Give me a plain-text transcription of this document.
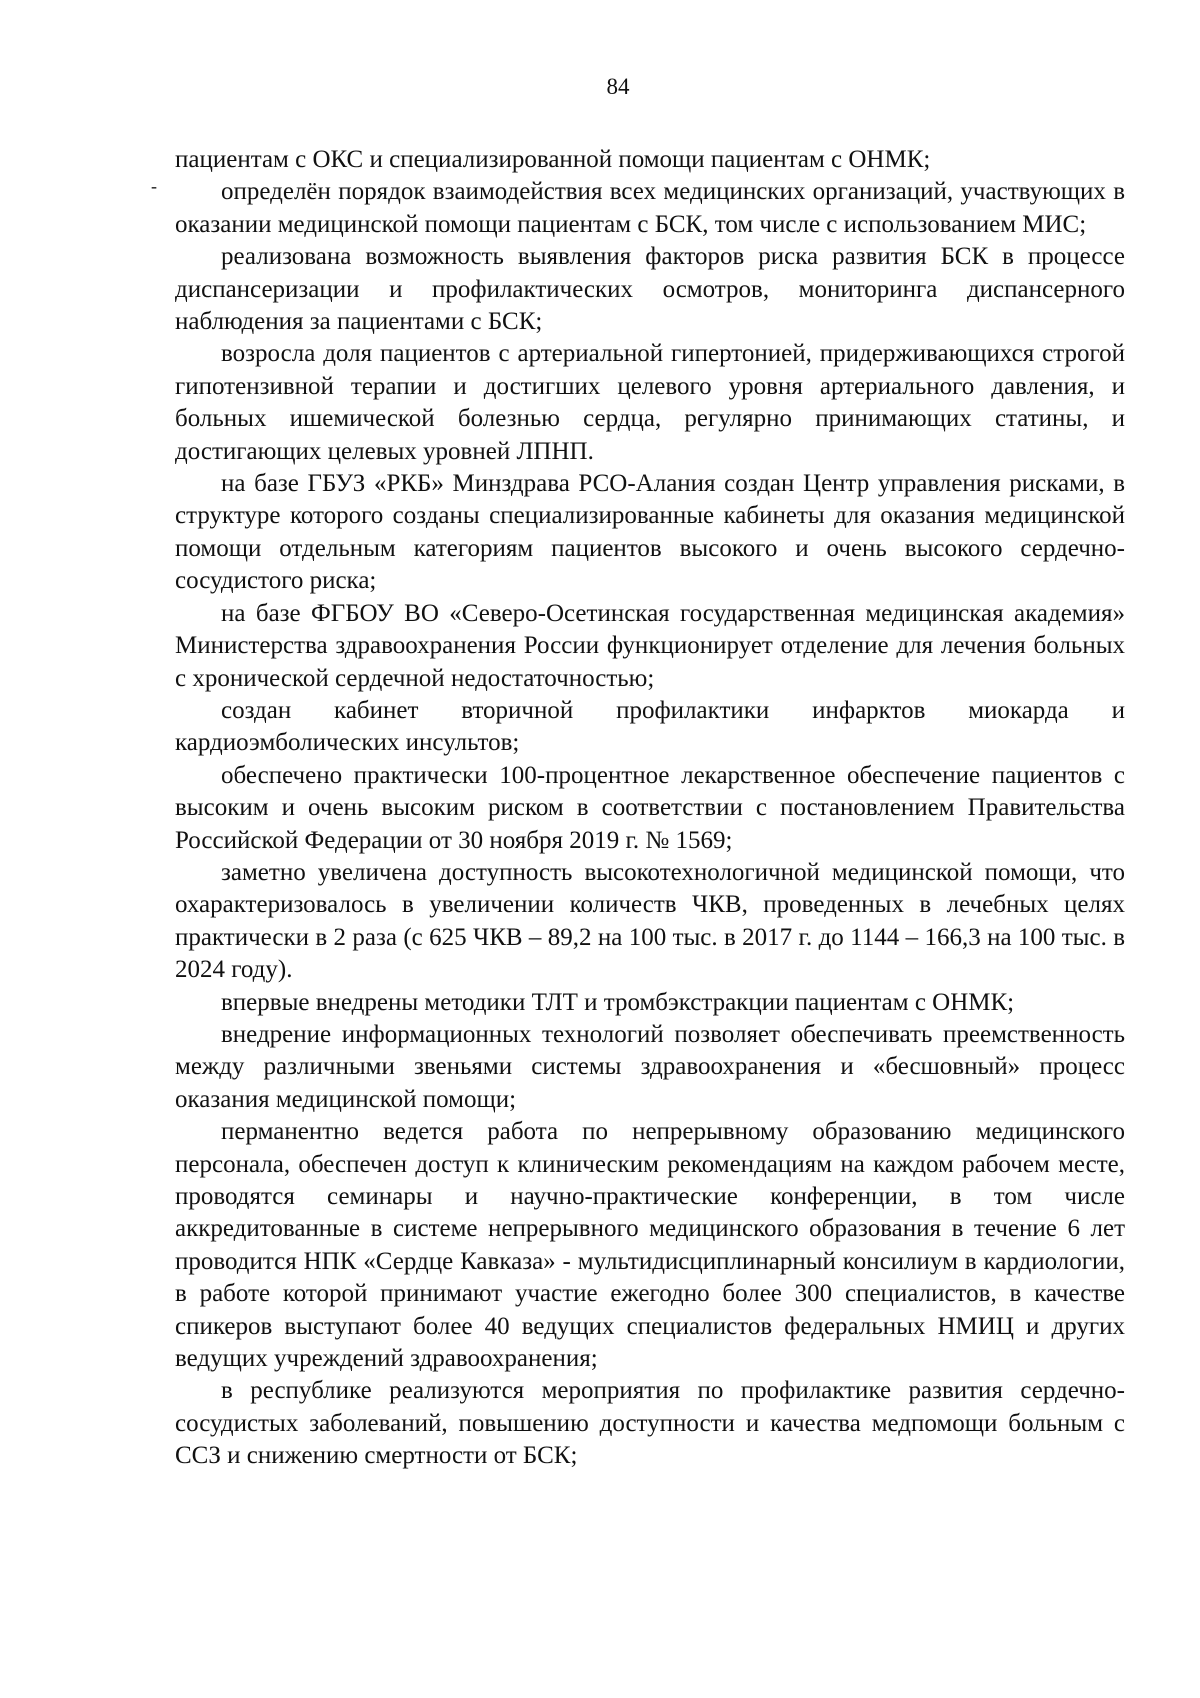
84
-

пациентам с ОКС и специализированной помощи пациентам с ОНМК;

определён порядок взаимодействия всех медицинских организаций, участвующих в оказании медицинской помощи пациентам с БСК, том числе с использованием МИС;

реализована возможность выявления факторов риска развития БСК в процессе диспансеризации и профилактических осмотров, мониторинга диспансерного наблюдения за пациентами с БСК;

возросла доля пациентов с артериальной гипертонией, придерживающихся строгой гипотензивной терапии и достигших целевого уровня артериального давления, и больных ишемической болезнью сердца, регулярно принимающих статины, и достигающих целевых уровней ЛПНП.

на базе ГБУЗ «РКБ» Минздрава РСО-Алания создан Центр управления рисками, в структуре которого созданы специализированные кабинеты для оказания медицинской помощи отдельным категориям пациентов высокого и очень высокого сердечно-сосудистого риска;

на базе ФГБОУ ВО «Северо-Осетинская государственная медицинская академия» Министерства здравоохранения России функционирует отделение для лечения больных с хронической сердечной недостаточностью;

создан кабинет вторичной профилактики инфарктов миокарда и кардиоэмболических инсультов;

обеспечено практически 100-процентное лекарственное обеспечение пациентов с высоким и очень высоким риском в соответствии с постановлением Правительства Российской Федерации от 30 ноября 2019 г. № 1569;

заметно увеличена доступность высокотехнологичной медицинской помощи, что охарактеризовалось в увеличении количеств ЧКВ, проведенных в лечебных целях практически в 2 раза (с 625 ЧКВ – 89,2 на 100 тыс. в 2017 г. до 1144 – 166,3 на 100 тыс. в 2024 году).

впервые внедрены методики ТЛТ и тромбэкстракции пациентам с ОНМК;

внедрение информационных технологий позволяет обеспечивать преемственность между различными звеньями системы здравоохранения и «бесшовный» процесс оказания медицинской помощи;

перманентно ведется работа по непрерывному образованию медицинского персонала, обеспечен доступ к клиническим рекомендациям на каждом рабочем месте, проводятся семинары и научно-практические конференции, в том числе аккредитованные в системе непрерывного медицинского образования в течение 6 лет проводится НПК «Сердце Кавказа» - мультидисциплинарный консилиум в кардиологии, в работе которой принимают участие ежегодно более 300 специалистов, в качестве спикеров выступают более 40 ведущих специалистов федеральных НМИЦ и других ведущих учреждений здравоохранения;

в республике реализуются мероприятия по профилактике развития сердечно-сосудистых заболеваний, повышению доступности и качества медпомощи больным с ССЗ и снижению смертности от БСК;
